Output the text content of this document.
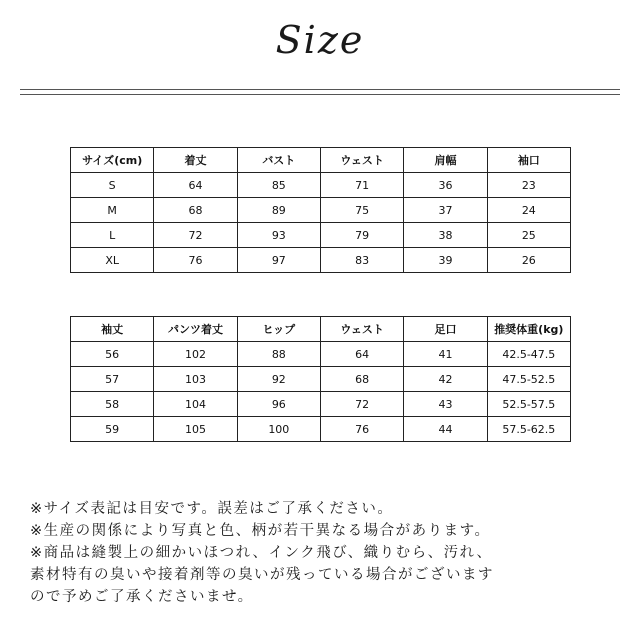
Size
サイズ(cm)	着丈	バスト	ウェスト	肩幅	袖口
S	64	85	71	36	23
M	68	89	75	37	24
L	72	93	79	38	25
XL	76	97	83	39	26
袖丈	パンツ着丈	ヒップ	ウェスト	足口	推奨体重(kg)
56	102	88	64	41	42.5-47.5
57	103	92	68	42	47.5-52.5
58	104	96	72	43	52.5-57.5
59	105	100	76	44	57.5-62.5
※サイズ表記は目安です。誤差はご了承ください。
※生産の関係により写真と色、柄が若干異なる場合があります。
※商品は縫製上の細かいほつれ、インク飛び、織りむら、汚れ、
素材特有の臭いや接着剤等の臭いが残っている場合がございます
ので予めご了承くださいませ。
